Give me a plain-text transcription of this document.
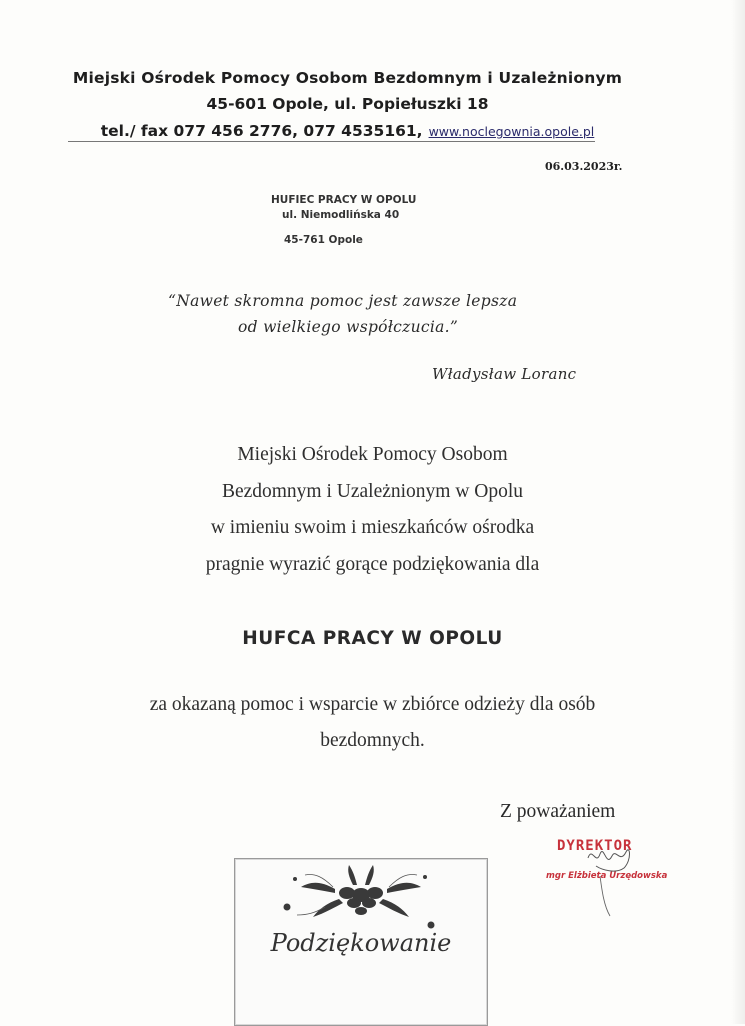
Miejski Ośrodek Pomocy Osobom Bezdomnym i Uzależnionym
45-601 Opole, ul. Popiełuszki 18
tel./ fax 077 456 2776, 077 4535161, www.noclegownia.opole.pl
06.03.2023r.
HUFIEC PRACY W OPOLU
ul. Niemodlińska 40
45-761 Opole
“Nawet skromna pomoc jest zawsze lepsza
od wielkiego współczucia.”
Władysław Loranc
Miejski Ośrodek Pomocy Osobom
Bezdomnym i Uzależnionym w Opolu
w imieniu swoim i mieszkańców ośrodka
pragnie wyrazić gorące podziękowania dla
HUFCA PRACY W OPOLU
za okazaną pomoc i wsparcie w zbiórce odzieży dla osób
bezdomnych.
Z poważaniem
DYREKTOR
mgr Elżbieta Urzędowska
Podziękowanie
